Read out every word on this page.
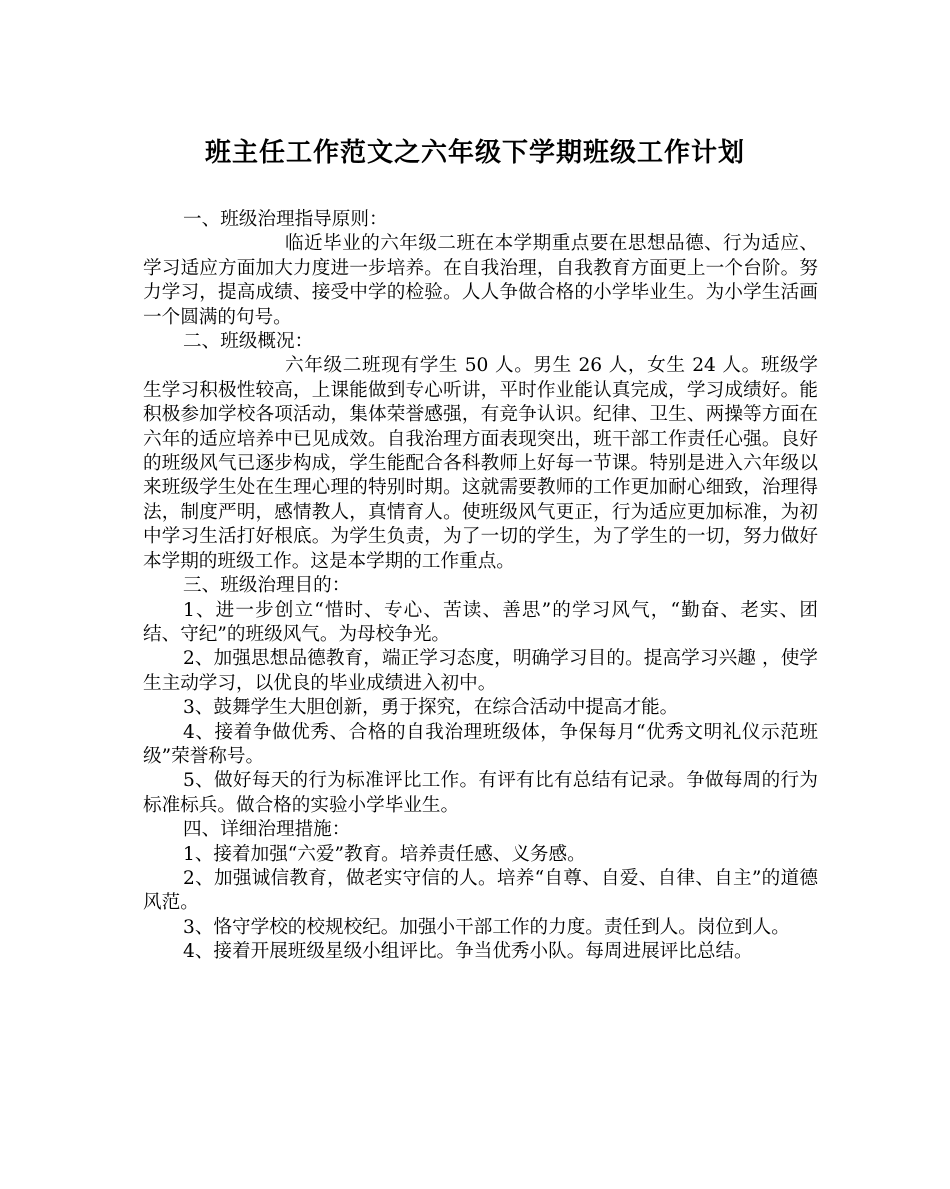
班主任工作范文之六年级下学期班级工作计划

一、班级治理指导原则：

临近毕业的六年级二班在本学期重点要在思想品德、行为适应、学习适应方面加大力度进一步培养。在自我治理，自我教育方面更上一个台阶。努力学习，提高成绩、接受中学的检验。人人争做合格的小学毕业生。为小学生活画一个圆满的句号。

二、班级概况：

六年级二班现有学生 50 人。男生 26 人，女生 24 人。班级学生学习积极性较高，上课能做到专心听讲，平时作业能认真完成，学习成绩好。能积极参加学校各项活动，集体荣誉感强，有竞争认识。纪律、卫生、两操等方面在六年的适应培养中已见成效。自我治理方面表现突出，班干部工作责任心强。良好的班级风气已逐步构成，学生能配合各科教师上好每一节课。特别是进入六年级以来班级学生处在生理心理的特别时期。这就需要教师的工作更加耐心细致，治理得法，制度严明，感情教人，真情育人。使班级风气更正，行为适应更加标准，为初中学习生活打好根底。为学生负责，为了一切的学生，为了学生的一切，努力做好本学期的班级工作。这是本学期的工作重点。

三、班级治理目的：

1、进一步创立“惜时、专心、苦读、善思”的学习风气，“勤奋、老实、团结、守纪”的班级风气。为母校争光。

2、加强思想品德教育，端正学习态度，明确学习目的。提高学习兴趣 ，使学生主动学习，以优良的毕业成绩进入初中。

3、鼓舞学生大胆创新，勇于探究，在综合活动中提高才能。

4、接着争做优秀、合格的自我治理班级体，争保每月“优秀文明礼仪示范班级”荣誉称号。

5、做好每天的行为标准评比工作。有评有比有总结有记录。争做每周的行为标准标兵。做合格的实验小学毕业生。

四、详细治理措施：

1、接着加强“六爱”教育。培养责任感、义务感。

2、加强诚信教育，做老实守信的人。培养“自尊、自爱、自律、自主”的道德风范。

3、恪守学校的校规校纪。加强小干部工作的力度。责任到人。岗位到人。

4、接着开展班级星级小组评比。争当优秀小队。每周进展评比总结。
